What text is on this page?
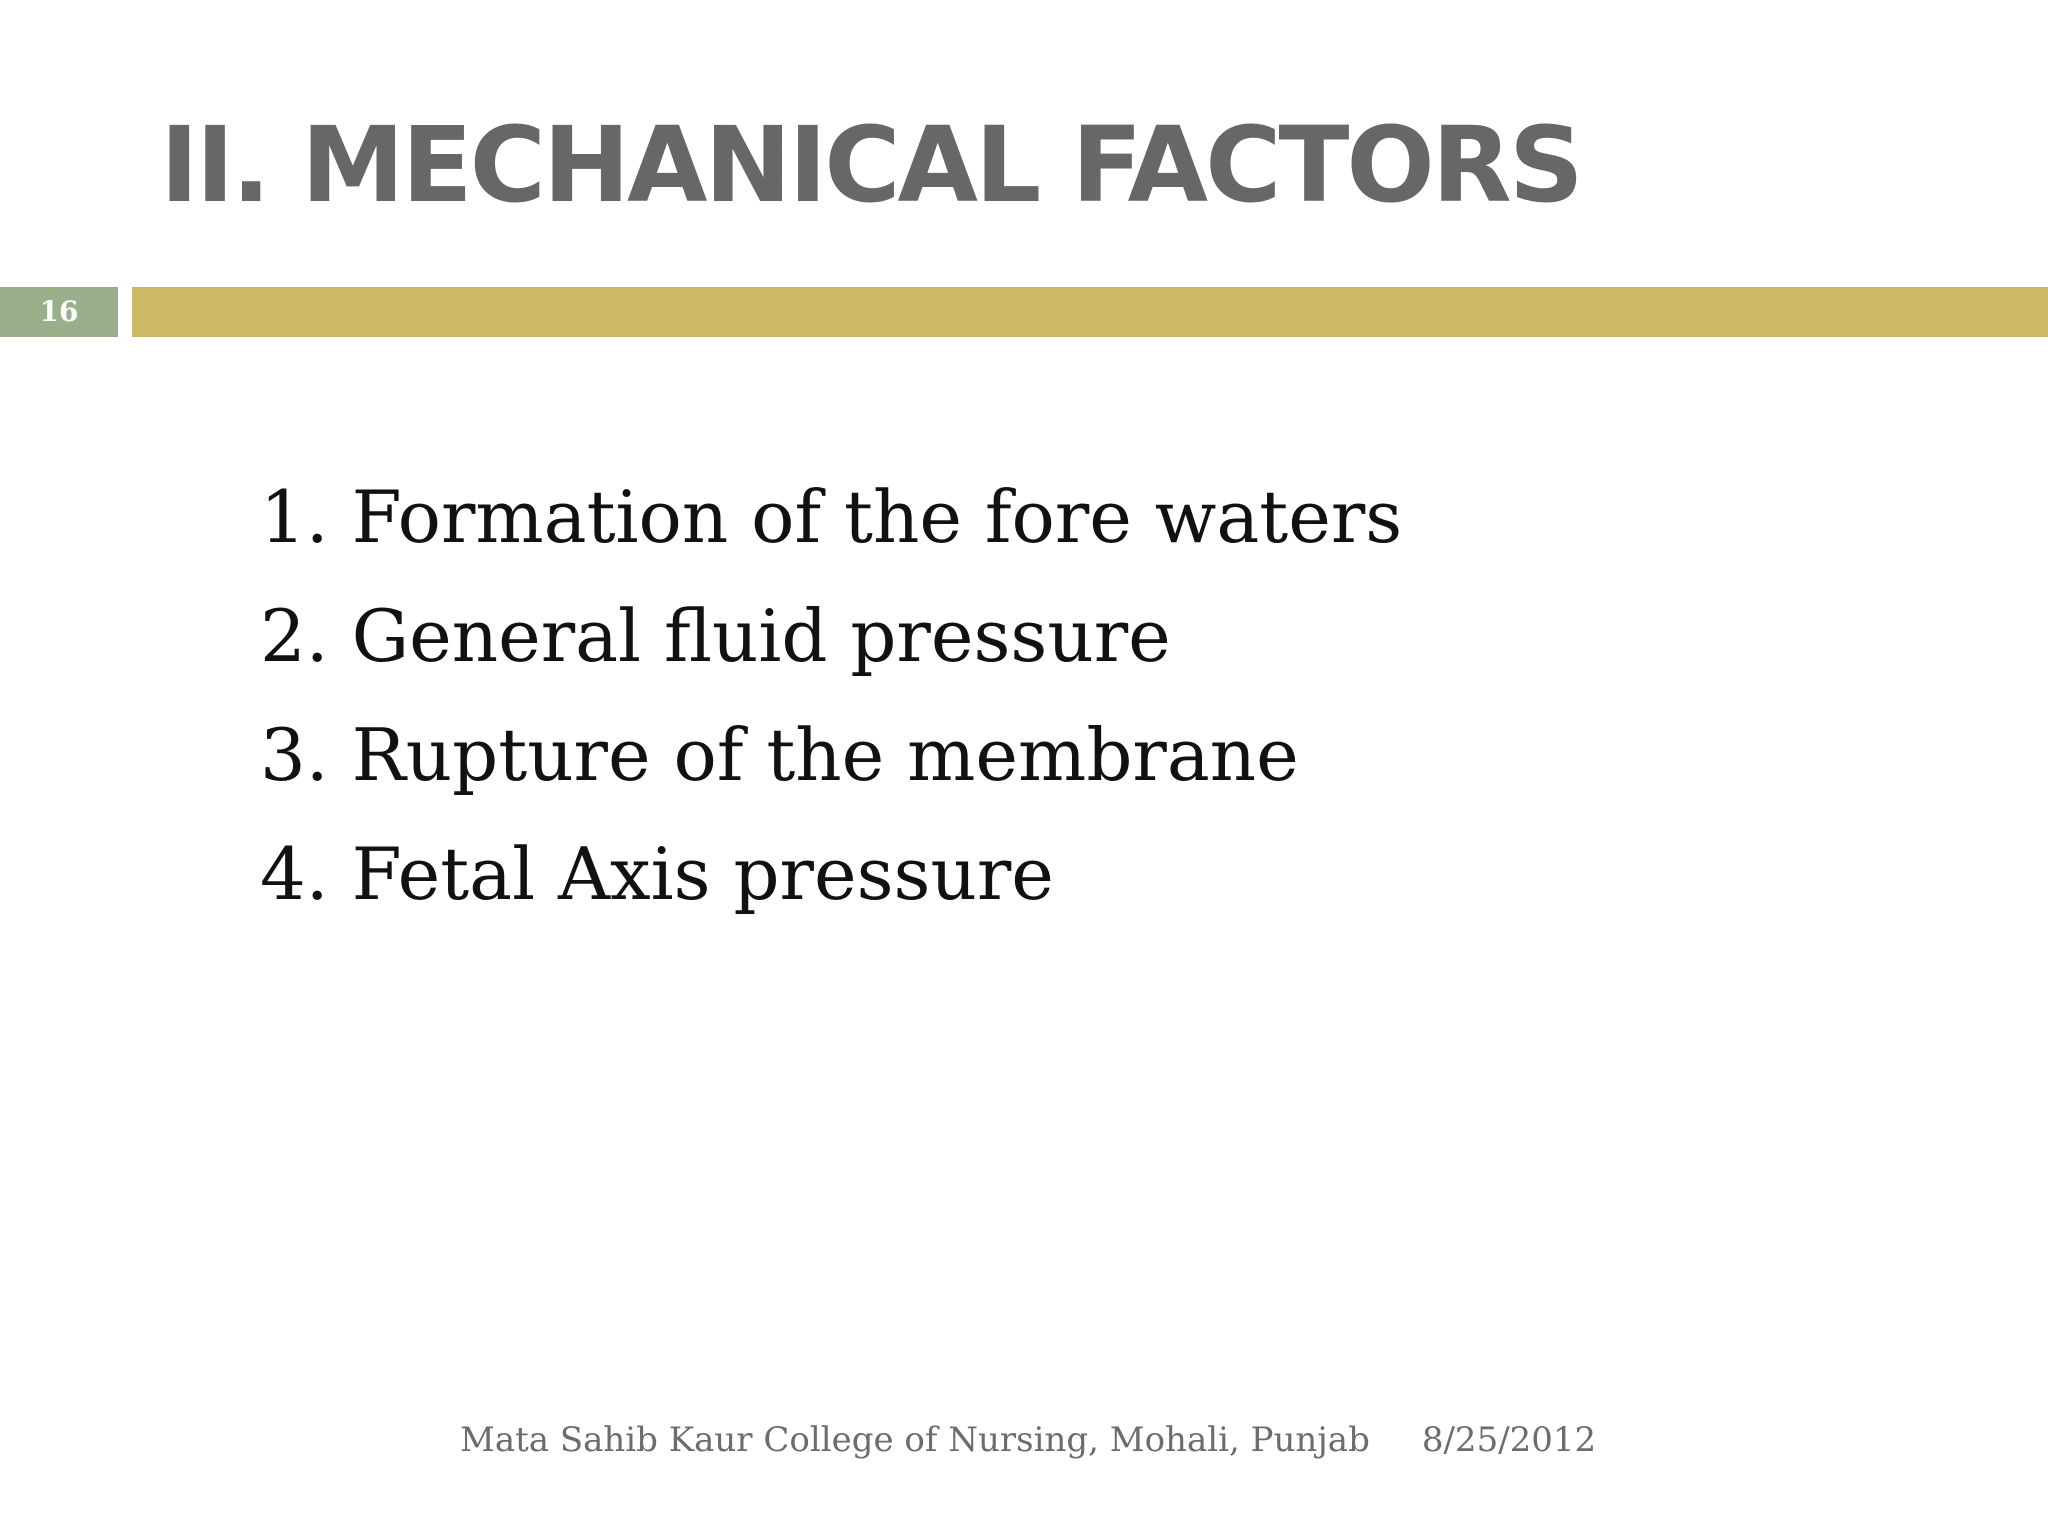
II. MECHANICAL FACTORS
16
1. Formation of the fore waters
2. General fluid pressure
3. Rupture of the membrane
4. Fetal Axis pressure
Mata Sahib Kaur College of Nursing, Mohali, Punjab 8/25/2012
